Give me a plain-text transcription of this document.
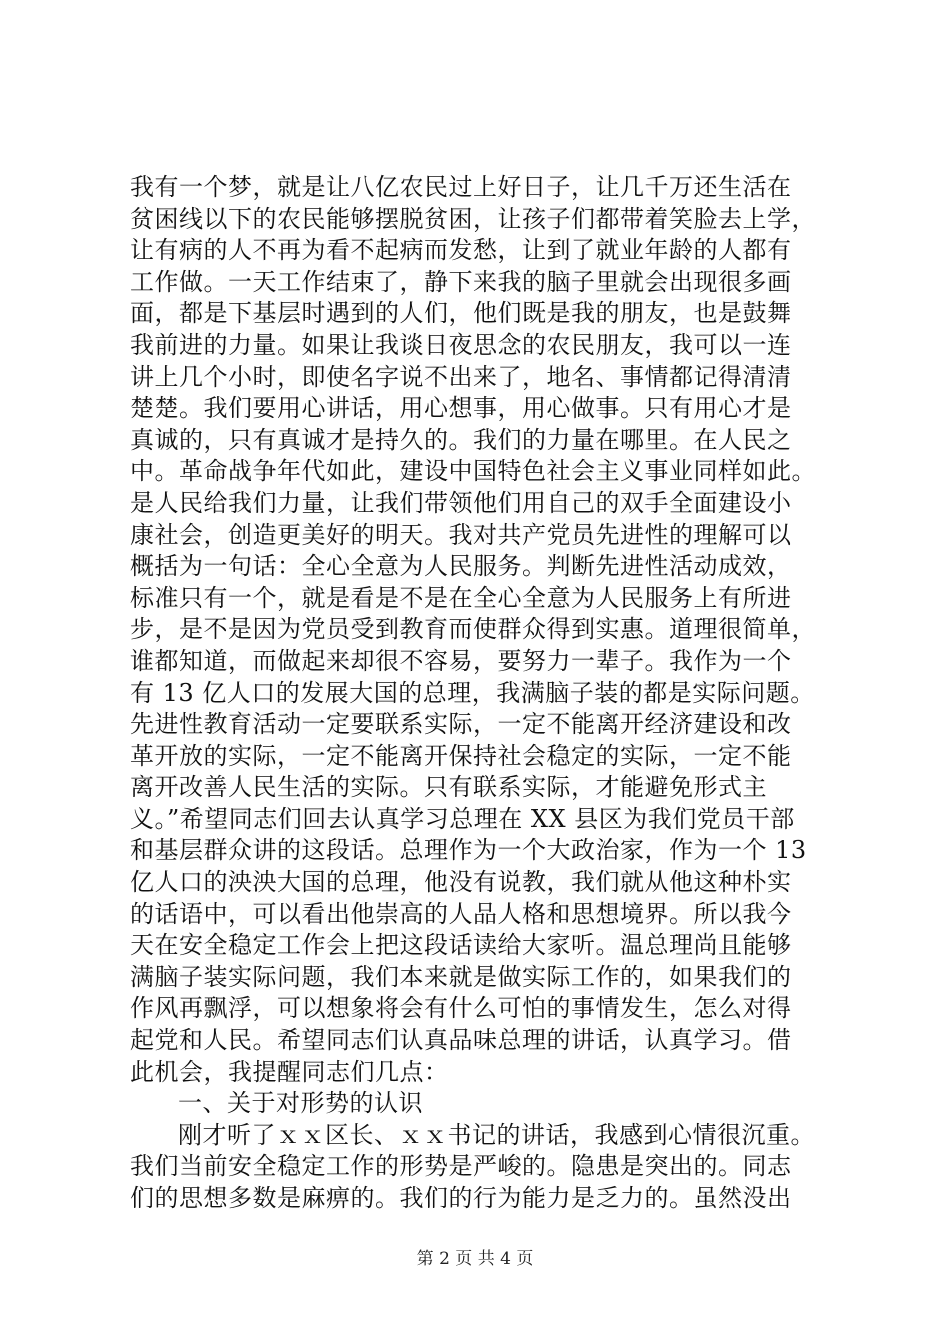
我有一个梦，就是让八亿农民过上好日子，让几千万还生活在
贫困线以下的农民能够摆脱贫困，让孩子们都带着笑脸去上学，
让有病的人不再为看不起病而发愁，让到了就业年龄的人都有
工作做。一天工作结束了，静下来我的脑子里就会出现很多画
面，都是下基层时遇到的人们，他们既是我的朋友，也是鼓舞
我前进的力量。如果让我谈日夜思念的农民朋友，我可以一连
讲上几个小时，即使名字说不出来了，地名、事情都记得清清
楚楚。我们要用心讲话，用心想事，用心做事。只有用心才是
真诚的，只有真诚才是持久的。我们的力量在哪里。在人民之
中。革命战争年代如此，建设中国特色社会主义事业同样如此。
是人民给我们力量，让我们带领他们用自己的双手全面建设小
康社会，创造更美好的明天。我对共产党员先进性的理解可以
概括为一句话：全心全意为人民服务。判断先进性活动成效，
标准只有一个，就是看是不是在全心全意为人民服务上有所进
步，是不是因为党员受到教育而使群众得到实惠。道理很简单，
谁都知道，而做起来却很不容易，要努力一辈子。我作为一个
有 13 亿人口的发展大国的总理，我满脑子装的都是实际问题。
先进性教育活动一定要联系实际，一定不能离开经济建设和改
革开放的实际，一定不能离开保持社会稳定的实际，一定不能
离开改善人民生活的实际。只有联系实际，才能避免形式主
义。”希望同志们回去认真学习总理在 XX 县区为我们党员干部
和基层群众讲的这段话。总理作为一个大政治家，作为一个 13
亿人口的泱泱大国的总理，他没有说教，我们就从他这种朴实
的话语中，可以看出他崇高的人品人格和思想境界。所以我今
天在安全稳定工作会上把这段话读给大家听。温总理尚且能够
满脑子装实际问题，我们本来就是做实际工作的，如果我们的
作风再飘浮，可以想象将会有什么可怕的事情发生，怎么对得
起党和人民。希望同志们认真品味总理的讲话，认真学习。借
此机会，我提醒同志们几点：
一、关于对形势的认识
刚才听了ｘｘ区长、ｘｘ书记的讲话，我感到心情很沉重。
我们当前安全稳定工作的形势是严峻的。隐患是突出的。同志
们的思想多数是麻痹的。我们的行为能力是乏力的。虽然没出
第 2 页 共 4 页
